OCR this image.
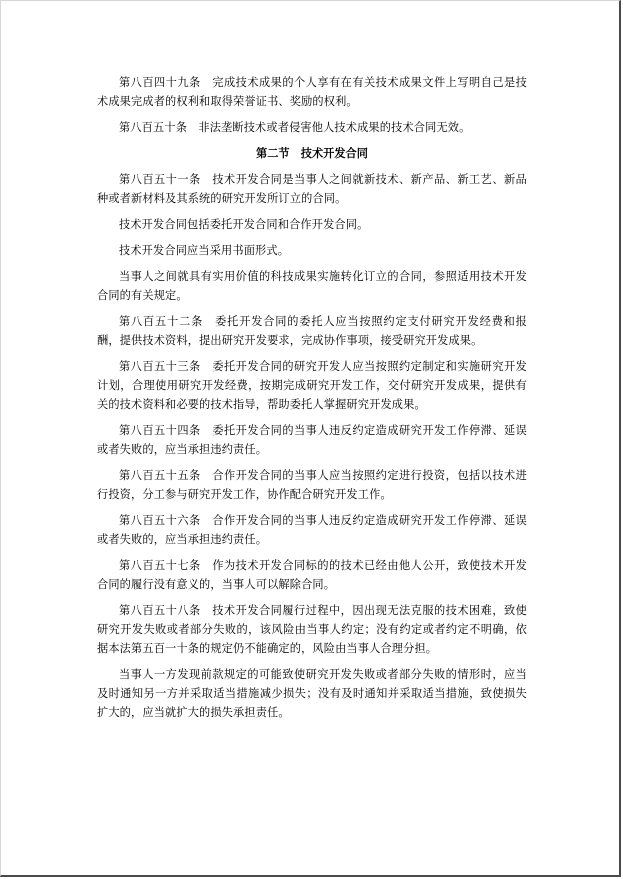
第八百四十九条　完成技术成果的个人享有在有关技术成果文件上写明自己是技术成果完成者的权利和取得荣誉证书、奖励的权利。

第八百五十条　非法垄断技术或者侵害他人技术成果的技术合同无效。

第二节　技术开发合同

第八百五十一条　技术开发合同是当事人之间就新技术、新产品、新工艺、新品种或者新材料及其系统的研究开发所订立的合同。

技术开发合同包括委托开发合同和合作开发合同。

技术开发合同应当采用书面形式。

当事人之间就具有实用价值的科技成果实施转化订立的合同，参照适用技术开发合同的有关规定。

第八百五十二条　委托开发合同的委托人应当按照约定支付研究开发经费和报酬，提供技术资料，提出研究开发要求，完成协作事项，接受研究开发成果。

第八百五十三条　委托开发合同的研究开发人应当按照约定制定和实施研究开发计划，合理使用研究开发经费，按期完成研究开发工作，交付研究开发成果，提供有关的技术资料和必要的技术指导，帮助委托人掌握研究开发成果。

第八百五十四条　委托开发合同的当事人违反约定造成研究开发工作停滞、延误或者失败的，应当承担违约责任。

第八百五十五条　合作开发合同的当事人应当按照约定进行投资，包括以技术进行投资，分工参与研究开发工作，协作配合研究开发工作。

第八百五十六条　合作开发合同的当事人违反约定造成研究开发工作停滞、延误或者失败的，应当承担违约责任。

第八百五十七条　作为技术开发合同标的的技术已经由他人公开，致使技术开发合同的履行没有意义的，当事人可以解除合同。

第八百五十八条　技术开发合同履行过程中，因出现无法克服的技术困难，致使研究开发失败或者部分失败的，该风险由当事人约定；没有约定或者约定不明确，依据本法第五百一十条的规定仍不能确定的，风险由当事人合理分担。

当事人一方发现前款规定的可能致使研究开发失败或者部分失败的情形时，应当及时通知另一方并采取适当措施减少损失；没有及时通知并采取适当措施，致使损失扩大的，应当就扩大的损失承担责任。
